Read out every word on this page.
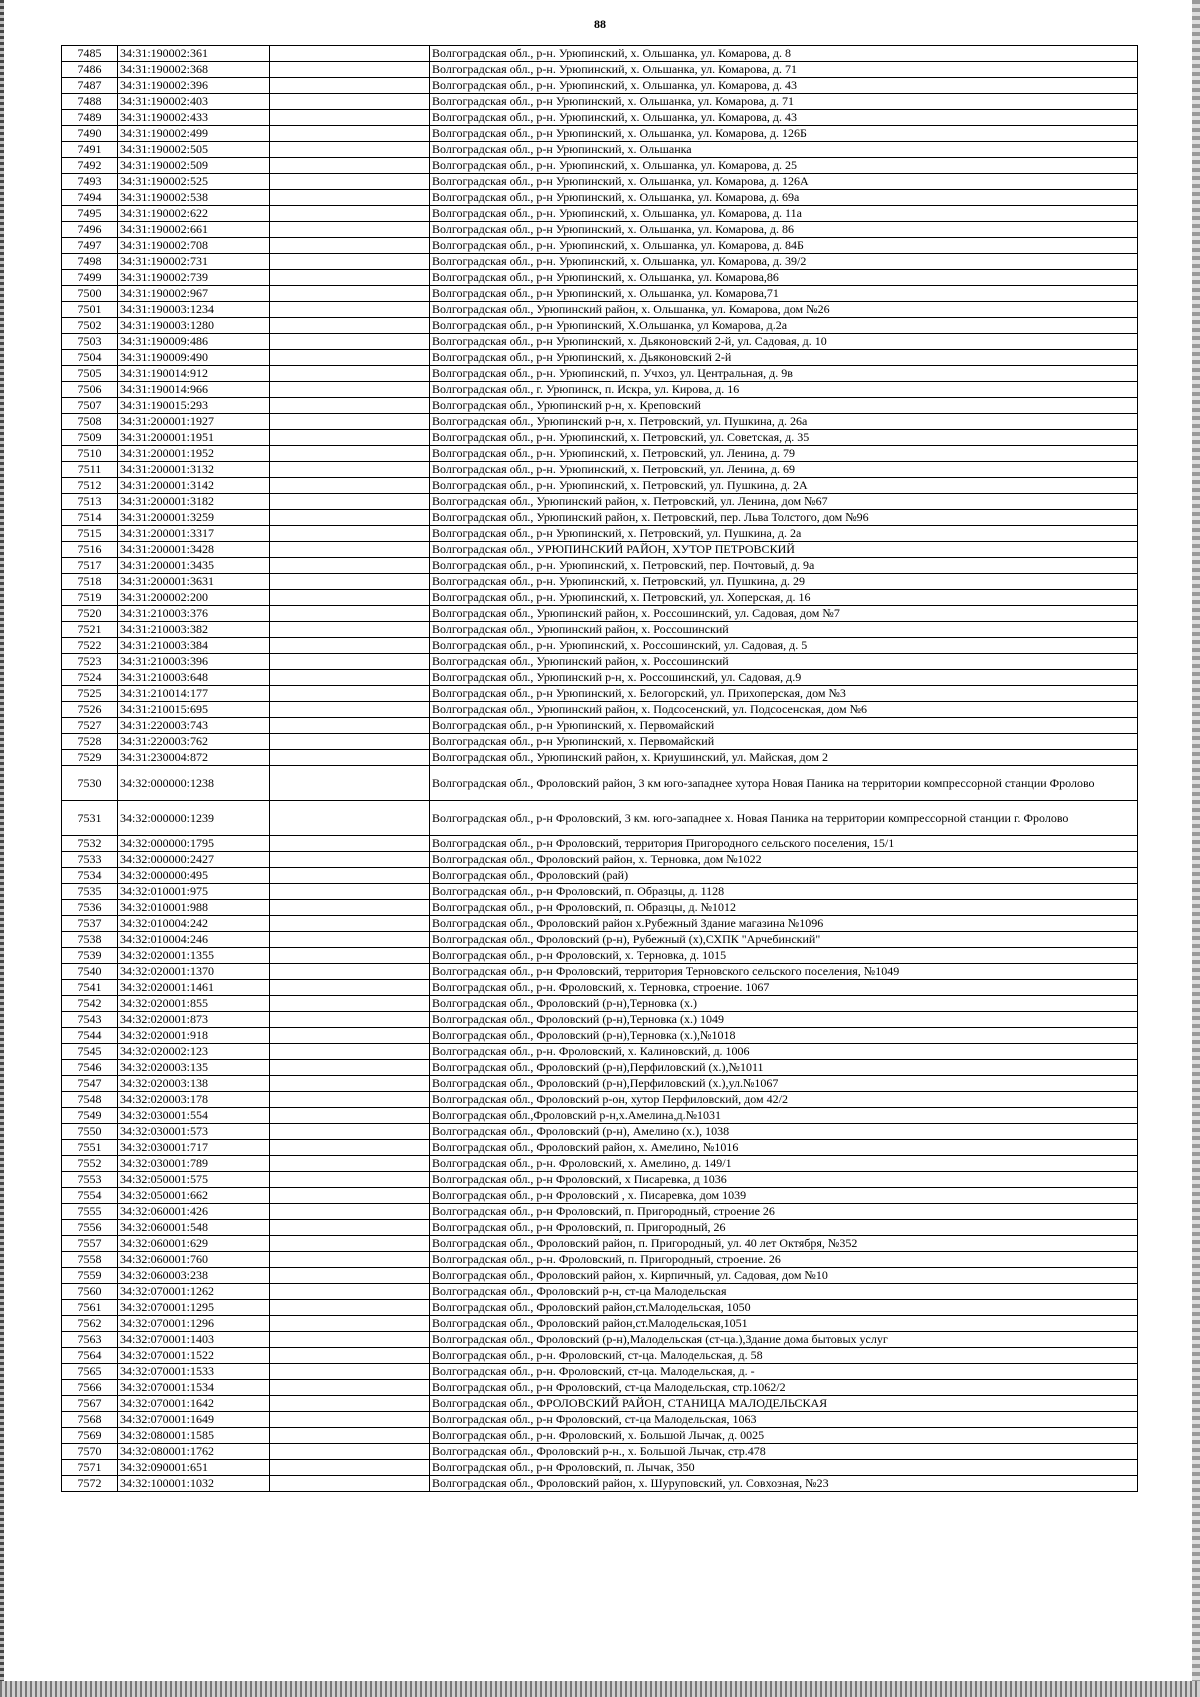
88
7485	34:31:190002:361		Волгоградская обл., р-н. Урюпинский, х. Ольшанка, ул. Комарова, д. 8
7486	34:31:190002:368		Волгоградская обл., р-н. Урюпинский, х. Ольшанка, ул. Комарова, д. 71
7487	34:31:190002:396		Волгоградская обл., р-н. Урюпинский, х. Ольшанка, ул. Комарова, д. 43
7488	34:31:190002:403		Волгоградская обл., р-н Урюпинский, х. Ольшанка, ул. Комарова, д. 71
7489	34:31:190002:433		Волгоградская обл., р-н. Урюпинский, х. Ольшанка, ул. Комарова, д. 43
7490	34:31:190002:499		Волгоградская обл., р-н Урюпинский, х. Ольшанка, ул. Комарова, д. 126Б
7491	34:31:190002:505		Волгоградская обл., р-н Урюпинский, х. Ольшанка
7492	34:31:190002:509		Волгоградская обл., р-н. Урюпинский, х. Ольшанка, ул. Комарова, д. 25
7493	34:31:190002:525		Волгоградская обл., р-н Урюпинский, х. Ольшанка, ул. Комарова, д. 126А
7494	34:31:190002:538		Волгоградская обл., р-н Урюпинский, х. Ольшанка, ул. Комарова, д. 69а
7495	34:31:190002:622		Волгоградская обл., р-н. Урюпинский, х. Ольшанка, ул. Комарова, д. 11а
7496	34:31:190002:661		Волгоградская обл., р-н Урюпинский, х. Ольшанка, ул. Комарова, д. 86
7497	34:31:190002:708		Волгоградская обл., р-н. Урюпинский, х. Ольшанка, ул. Комарова, д. 84Б
7498	34:31:190002:731		Волгоградская обл., р-н. Урюпинский, х. Ольшанка, ул. Комарова, д. 39/2
7499	34:31:190002:739		Волгоградская обл., р-н Урюпинский, х. Ольшанка, ул. Комарова,86
7500	34:31:190002:967		Волгоградская обл., р-н Урюпинский, х. Ольшанка, ул. Комарова,71
7501	34:31:190003:1234		Волгоградская обл., Урюпинский район, х. Ольшанка, ул. Комарова, дом №26
7502	34:31:190003:1280		Волгоградская обл., р-н Урюпинский, Х.Ольшанка, ул Комарова, д.2а
7503	34:31:190009:486		Волгоградская обл., р-н Урюпинский, х. Дьяконовский 2-й, ул. Садовая, д. 10
7504	34:31:190009:490		Волгоградская обл., р-н Урюпинский, х. Дьяконовский 2-й
7505	34:31:190014:912		Волгоградская обл., р-н. Урюпинский, п. Учхоз, ул. Центральная, д. 9в
7506	34:31:190014:966		Волгоградская обл., г. Урюпинск, п. Искра, ул. Кирова, д. 16
7507	34:31:190015:293		Волгоградская обл., Урюпинский р-н, х. Креповский
7508	34:31:200001:1927		Волгоградская обл., Урюпинский р-н, х. Петровский, ул. Пушкина, д. 26а
7509	34:31:200001:1951		Волгоградская обл., р-н. Урюпинский, х. Петровский, ул. Советская, д. 35
7510	34:31:200001:1952		Волгоградская обл., р-н. Урюпинский, х. Петровский, ул. Ленина, д. 79
7511	34:31:200001:3132		Волгоградская обл., р-н. Урюпинский, х. Петровский, ул. Ленина, д. 69
7512	34:31:200001:3142		Волгоградская обл., р-н. Урюпинский, х. Петровский, ул. Пушкина, д. 2А
7513	34:31:200001:3182		Волгоградская обл., Урюпинский район, х. Петровский, ул. Ленина, дом №67
7514	34:31:200001:3259		Волгоградская обл., Урюпинский район, х. Петровский, пер. Льва Толстого, дом №96
7515	34:31:200001:3317		Волгоградская обл., р-н Урюпинский, х. Петровский, ул. Пушкина, д. 2а
7516	34:31:200001:3428		Волгоградская обл., УРЮПИНСКИЙ РАЙОН, ХУТОР ПЕТРОВСКИЙ
7517	34:31:200001:3435		Волгоградская обл., р-н. Урюпинский, х. Петровский, пер. Почтовый, д. 9а
7518	34:31:200001:3631		Волгоградская обл., р-н. Урюпинский, х. Петровский, ул. Пушкина, д. 29
7519	34:31:200002:200		Волгоградская обл., р-н. Урюпинский, х. Петровский, ул. Хоперская, д. 16
7520	34:31:210003:376		Волгоградская обл., Урюпинский район, х. Россошинский, ул. Садовая, дом №7
7521	34:31:210003:382		Волгоградская обл., Урюпинский район, х. Россошинский
7522	34:31:210003:384		Волгоградская обл., р-н. Урюпинский, х. Россошинский, ул. Садовая, д. 5
7523	34:31:210003:396		Волгоградская обл., Урюпинский район, х. Россошинский
7524	34:31:210003:648		Волгоградская обл., Урюпинский р-н, х. Россошинский, ул. Садовая, д.9
7525	34:31:210014:177		Волгоградская обл., р-н Урюпинский, х. Белогорский, ул. Прихоперская, дом №3
7526	34:31:210015:695		Волгоградская обл., Урюпинский район, х. Подсосенский, ул. Подсосенская, дом №6
7527	34:31:220003:743		Волгоградская обл., р-н Урюпинский, х. Первомайский
7528	34:31:220003:762		Волгоградская обл., р-н Урюпинский, х. Первомайский
7529	34:31:230004:872		Волгоградская обл., Урюпинский район, х. Криушинский, ул. Майская, дом 2
7530	34:32:000000:1238		Волгоградская обл., Фроловский район, 3 км юго-западнее хутора Новая Паника на территории компрессорной станции Фролово
7531	34:32:000000:1239		Волгоградская обл., р-н Фроловский, 3 км. юго-западнее х. Новая Паника на территории компрессорной станции г. Фролово
7532	34:32:000000:1795		Волгоградская обл., р-н Фроловский, территория Пригородного сельского поселения, 15/1
7533	34:32:000000:2427		Волгоградская обл., Фроловский район, х. Терновка, дом №1022
7534	34:32:000000:495		Волгоградская обл., Фроловский (рай)
7535	34:32:010001:975		Волгоградская обл., р-н Фроловский, п. Образцы, д. 1128
7536	34:32:010001:988		Волгоградская обл., р-н Фроловский, п. Образцы, д. №1012
7537	34:32:010004:242		Волгоградская обл., Фроловский район х.Рубежный Здание магазина №1096
7538	34:32:010004:246		Волгоградская обл., Фроловский (р-н), Рубежный (х),СХПК "Арчебинский"
7539	34:32:020001:1355		Волгоградская обл., р-н Фроловский, х. Терновка, д. 1015
7540	34:32:020001:1370		Волгоградская обл., р-н Фроловский, территория Терновского сельского поселения, №1049
7541	34:32:020001:1461		Волгоградская обл., р-н. Фроловский, х. Терновка, строение. 1067
7542	34:32:020001:855		Волгоградская обл., Фроловский (р-н),Терновка (х.)
7543	34:32:020001:873		Волгоградская обл., Фроловский (р-н),Терновка (х.) 1049
7544	34:32:020001:918		Волгоградская обл., Фроловский (р-н),Терновка (х.),№1018
7545	34:32:020002:123		Волгоградская обл., р-н. Фроловский, х. Калиновский, д. 1006
7546	34:32:020003:135		Волгоградская обл., Фроловский (р-н),Перфиловский (х.),№1011
7547	34:32:020003:138		Волгоградская обл., Фроловский (р-н),Перфиловский (х.),ул.№1067
7548	34:32:020003:178		Волгоградская обл., Фроловский р-он, хутор Перфиловский, дом 42/2
7549	34:32:030001:554		Волгоградская обл.,Фроловский р-н,х.Амелина,д.№1031
7550	34:32:030001:573		Волгоградская обл., Фроловский (р-н), Амелино (х.), 1038
7551	34:32:030001:717		Волгоградская обл., Фроловский район, х. Амелино, №1016
7552	34:32:030001:789		Волгоградская обл., р-н. Фроловский, х. Амелино, д. 149/1
7553	34:32:050001:575		Волгоградская обл., р-н Фроловский, х Писаревка, д 1036
7554	34:32:050001:662		Волгоградская обл., р-н Фроловский , х. Писаревка, дом 1039
7555	34:32:060001:426		Волгоградская обл., р-н Фроловский, п. Пригородный, строение 26
7556	34:32:060001:548		Волгоградская обл., р-н Фроловский, п. Пригородный, 26
7557	34:32:060001:629		Волгоградская обл., Фроловский район, п. Пригородный, ул. 40 лет Октября, №352
7558	34:32:060001:760		Волгоградская обл., р-н. Фроловский, п. Пригородный, строение. 26
7559	34:32:060003:238		Волгоградская обл., Фроловский район, х. Кирпичный, ул. Садовая, дом №10
7560	34:32:070001:1262		Волгоградская обл., Фроловский р-н, ст-ца Малодельская
7561	34:32:070001:1295		Волгоградская обл., Фроловский район,ст.Малодельская, 1050
7562	34:32:070001:1296		Волгоградская обл., Фроловский район,ст.Малодельская,1051
7563	34:32:070001:1403		Волгоградская обл., Фроловский (р-н),Малодельская (ст-ца.),Здание дома бытовых услуг
7564	34:32:070001:1522		Волгоградская обл., р-н. Фроловский, ст-ца. Малодельская, д. 58
7565	34:32:070001:1533		Волгоградская обл., р-н. Фроловский, ст-ца. Малодельская, д. -
7566	34:32:070001:1534		Волгоградская обл., р-н Фроловский, ст-ца Малодельская, стр.1062/2
7567	34:32:070001:1642		Волгоградская обл., ФРОЛОВСКИЙ РАЙОН, СТАНИЦА МАЛОДЕЛЬСКАЯ
7568	34:32:070001:1649		Волгоградская обл., р-н Фроловский, ст-ца Малодельская, 1063
7569	34:32:080001:1585		Волгоградская обл., р-н. Фроловский, х. Большой Лычак, д. 0025
7570	34:32:080001:1762		Волгоградская обл., Фроловский р-н., х. Большой Лычак, стр.478
7571	34:32:090001:651		Волгоградская обл., р-н Фроловский, п. Лычак, 350
7572	34:32:100001:1032		Волгоградская обл., Фроловский район, х. Шуруповский, ул. Совхозная, №23
